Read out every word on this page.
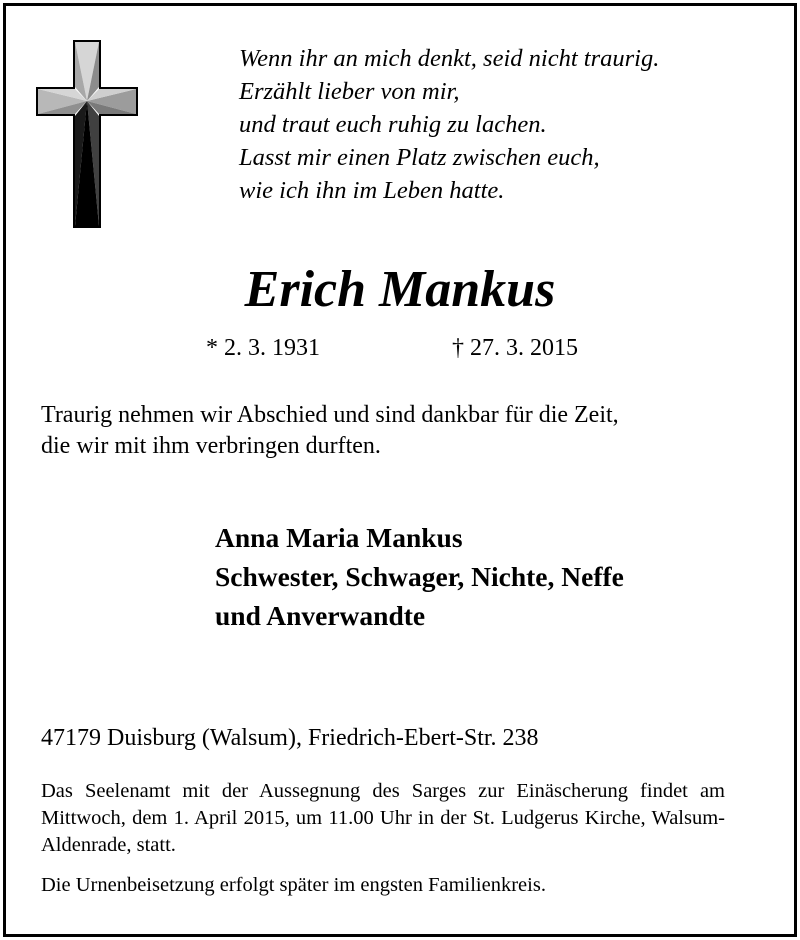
Wenn ihr an mich denkt, seid nicht traurig.
Erzählt lieber von mir,
und traut euch ruhig zu lachen.
Lasst mir einen Platz zwischen euch,
wie ich ihn im Leben hatte.
Erich Mankus
* 2. 3. 1931	† 27. 3. 2015
Traurig nehmen wir Abschied und sind dankbar für die Zeit,
die wir mit ihm verbringen durften.
Anna Maria Mankus
Schwester, Schwager, Nichte, Neffe
und Anverwandte
47179 Duisburg (Walsum), Friedrich-Ebert-Str. 238
Das Seelenamt mit der Aussegnung des Sarges zur Einäscherung findet am Mittwoch, dem 1. April 2015, um 11.00 Uhr in der St. Ludgerus Kirche, Walsum-Aldenrade, statt.
Die Urnenbeisetzung erfolgt später im engsten Familienkreis.
